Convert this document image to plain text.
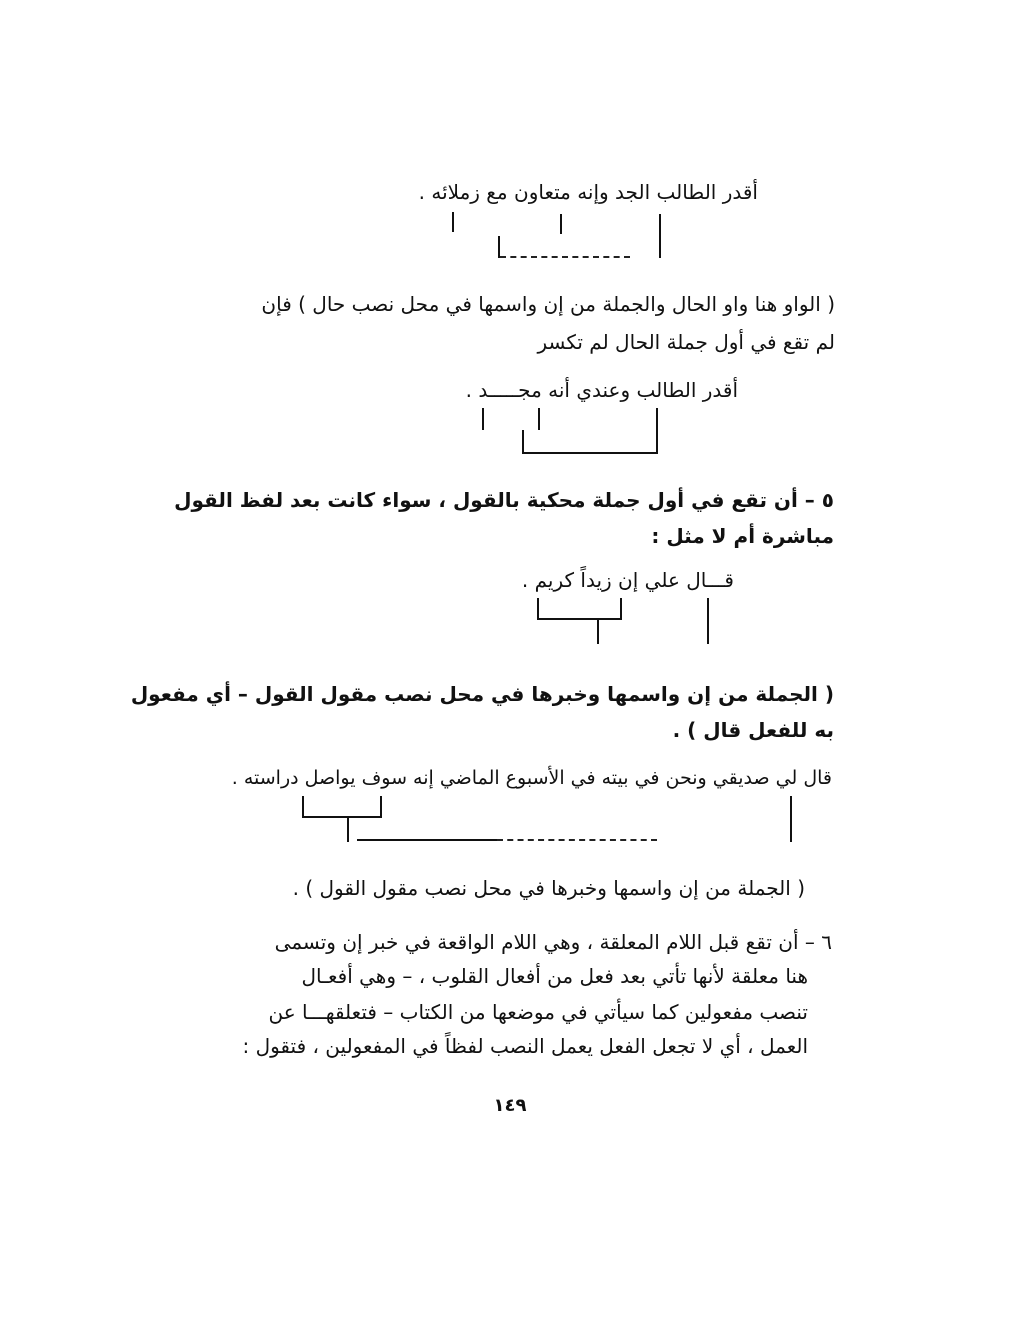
أقدر الطالب الجد وإنه متعاون مع زملائه .
( الواو هنا واو الحال والجملة من إن واسمها في محل نصب حال ) فإن
لم تقع في أول جملة الحال لم تكسر
أقدر الطالب وعندي أنه مجـــــد .
٥ – أن تقع في أول جملة محكية بالقول ، سواء كانت بعد لفظ القول
مباشرة أم لا مثل :
قـــال علي إن زيداً كريم .
( الجملة من إن واسمها وخبرها في محل نصب مقول القول – أي مفعول
به للفعل قال ) .
قال لي صديقي ونحن في بيته في الأسبوع الماضي إنه سوف يواصل دراسته .
( الجملة من إن واسمها وخبرها في محل نصب مقول القول ) .
٦ – أن تقع قبل اللام المعلقة ، وهي اللام الواقعة في خبر إن وتسمى
هنا معلقة لأنها تأتي بعد فعل من أفعال القلوب ، – وهي أفعـال
تنصب مفعولين كما سيأتي في موضعها من الكتاب – فتعلقهـــا عن
العمل ، أي لا تجعل الفعل يعمل النصب لفظاً في المفعولين ، فتقول :
١٤٩
